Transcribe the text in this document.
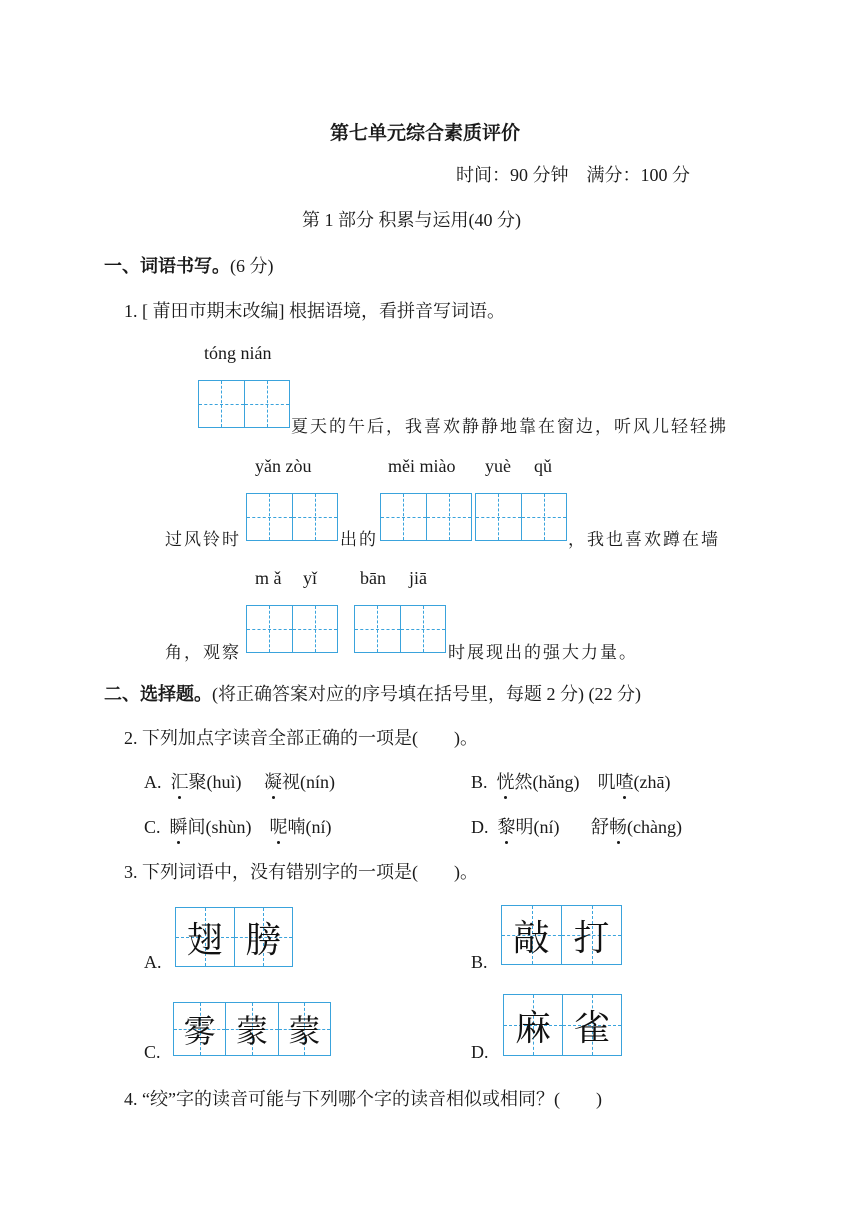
第七单元综合素质评价
时间：90 分钟　满分：100 分
第 1 部分 积累与运用(40 分)
一、词语书写。(6 分)
1. [ 莆田市期末改编] 根据语境，看拼音写词语。
tóng nián
夏天的午后，我喜欢静静地靠在窗边，听风儿轻轻拂
yǎn zòu	měi miào yuè qǔ
过风铃时	出的	，我也喜欢蹲在墙
m ǎ yǐ bān jiā
角，观察	时展现出的强大力量。
二、选择题。(将正确答案对应的序号填在括号里，每题 2 分) (22 分)
2. 下列加点字读音全部正确的一项是(　　)。
A. 汇聚(huì) 凝视(nín)	B. 恍然(hǎng) 叽喳(zhā)
C. 瞬间(shùn) 呢喃(ní)	D. 黎明(ní) 舒畅(chàng)
3. 下列词语中，没有错别字的一项是(　　)。
A.
翅 膀
B.
敲 打
C.
雾 蒙 蒙
D.
麻 雀
4. “绞”字的读音可能与下列哪个字的读音相似或相同？(　　)
